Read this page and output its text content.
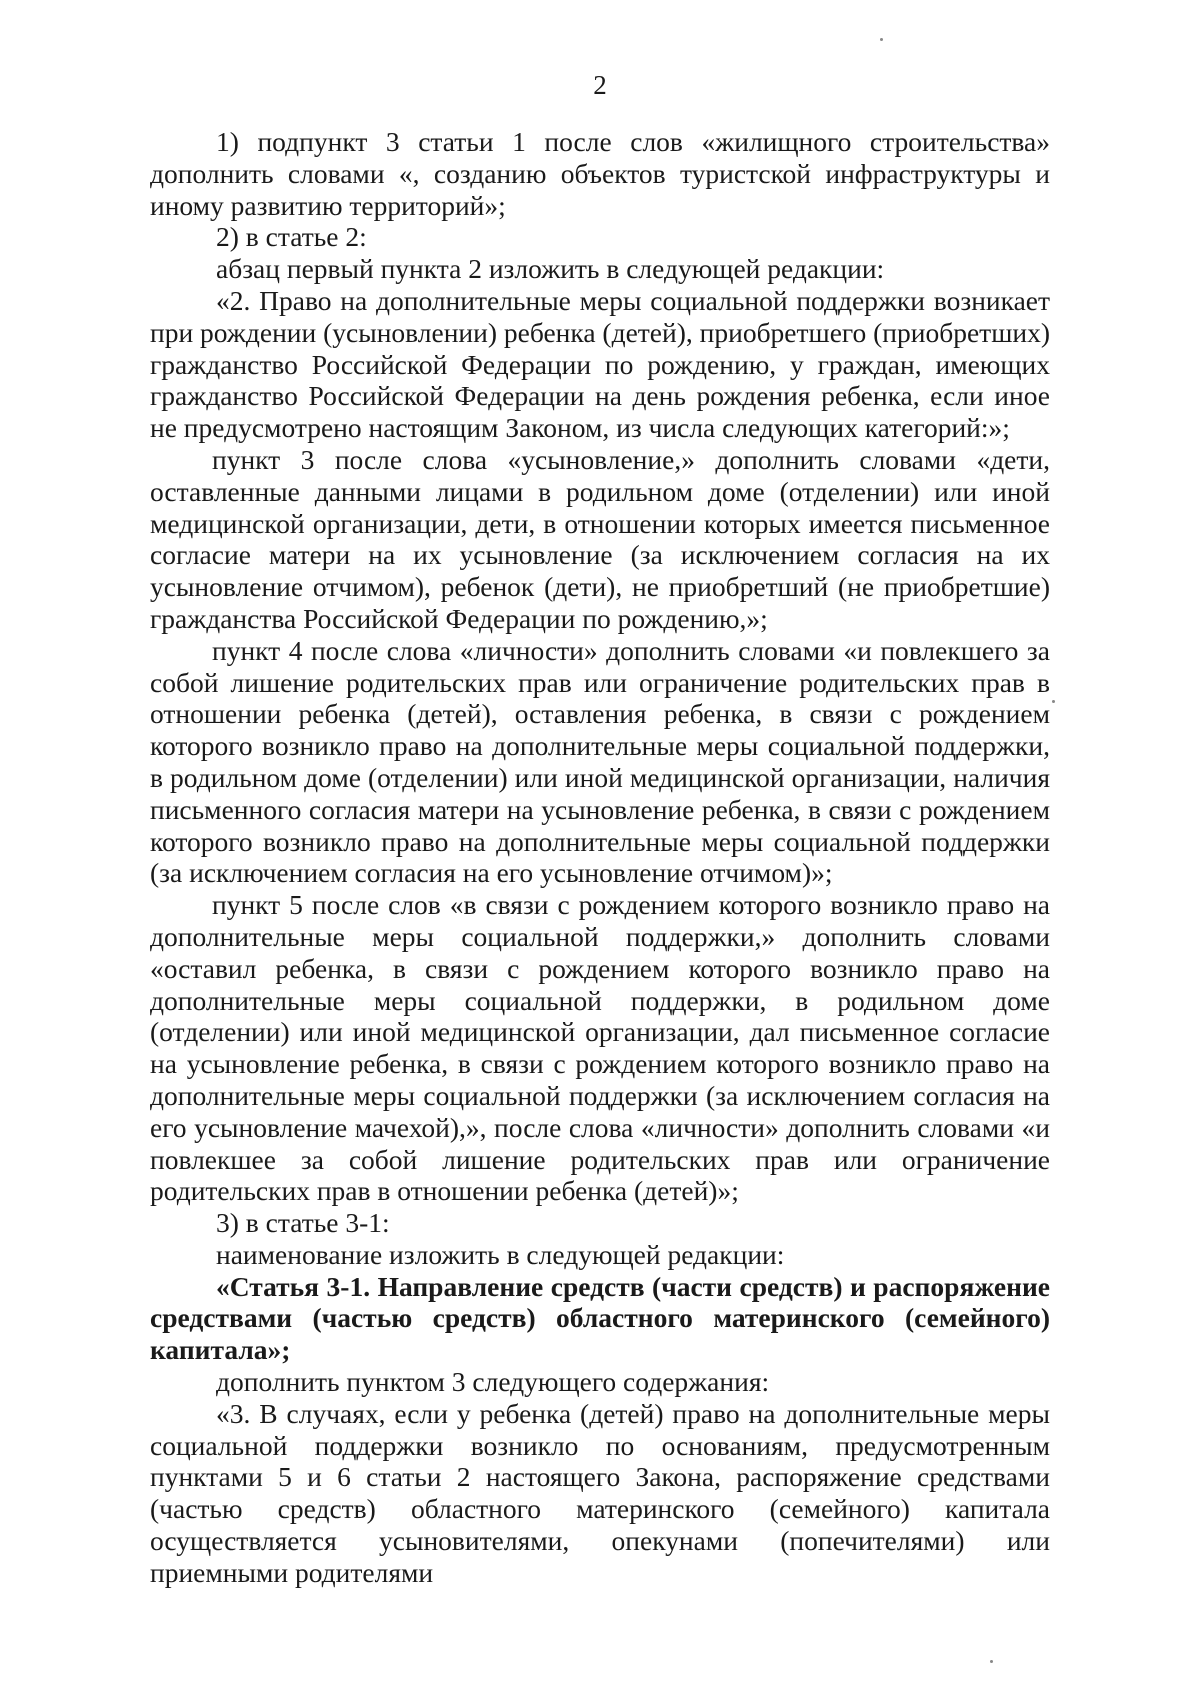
2

1) подпункт 3 статьи 1 после слов «жилищного строительства» дополнить словами «, созданию объектов туристской инфраструктуры и иному развитию территорий»;

2) в статье 2:

абзац первый пункта 2 изложить в следующей редакции:

«2. Право на дополнительные меры социальной поддержки возникает при рождении (усыновлении) ребенка (детей), приобретшего (приобретших) гражданство Российской Федерации по рождению, у граждан, имеющих гражданство Российской Федерации на день рождения ребенка, если иное не предусмотрено настоящим Законом, из числа следующих категорий:»;

пункт 3 после слова «усыновление,» дополнить словами «дети, оставленные данными лицами в родильном доме (отделении) или иной медицинской организации, дети, в отношении которых имеется письменное согласие матери на их усыновление (за исключением согласия на их усыновление отчимом), ребенок (дети), не приобретший (не приобретшие) гражданства Российской Федерации по рождению,»;

пункт 4 после слова «личности» дополнить словами «и повлекшего за собой лишение родительских прав или ограничение родительских прав в отношении ребенка (детей), оставления ребенка, в связи с рождением которого возникло право на дополнительные меры социальной поддержки, в родильном доме (отделении) или иной медицинской организации, наличия письменного согласия матери на усыновление ребенка, в связи с рождением которого возникло право на дополнительные меры социальной поддержки (за исключением согласия на его усыновление отчимом)»;

пункт 5 после слов «в связи с рождением которого возникло право на дополнительные меры социальной поддержки,» дополнить словами «оставил ребенка, в связи с рождением которого возникло право на дополнительные меры социальной поддержки, в родильном доме (отделении) или иной медицинской организации, дал письменное согласие на усыновление ребенка, в связи с рождением которого возникло право на дополнительные меры социальной поддержки (за исключением согласия на его усыновление мачехой),», после слова «личности» дополнить словами «и повлекшее за собой лишение родительских прав или ограничение родительских прав в отношении ребенка (детей)»;

3) в статье 3-1:

наименование изложить в следующей редакции:

«Статья 3-1. Направление средств (части средств) и распоряжение средствами (частью средств) областного материнского (семейного) капитала»;

дополнить пунктом 3 следующего содержания:

«3. В случаях, если у ребенка (детей) право на дополнительные меры социальной поддержки возникло по основаниям, предусмотренным пунктами 5 и 6 статьи 2 настоящего Закона, распоряжение средствами (частью средств) областного материнского (семейного) капитала осуществляется усыновителями, опекунами (попечителями) или приемными родителями
